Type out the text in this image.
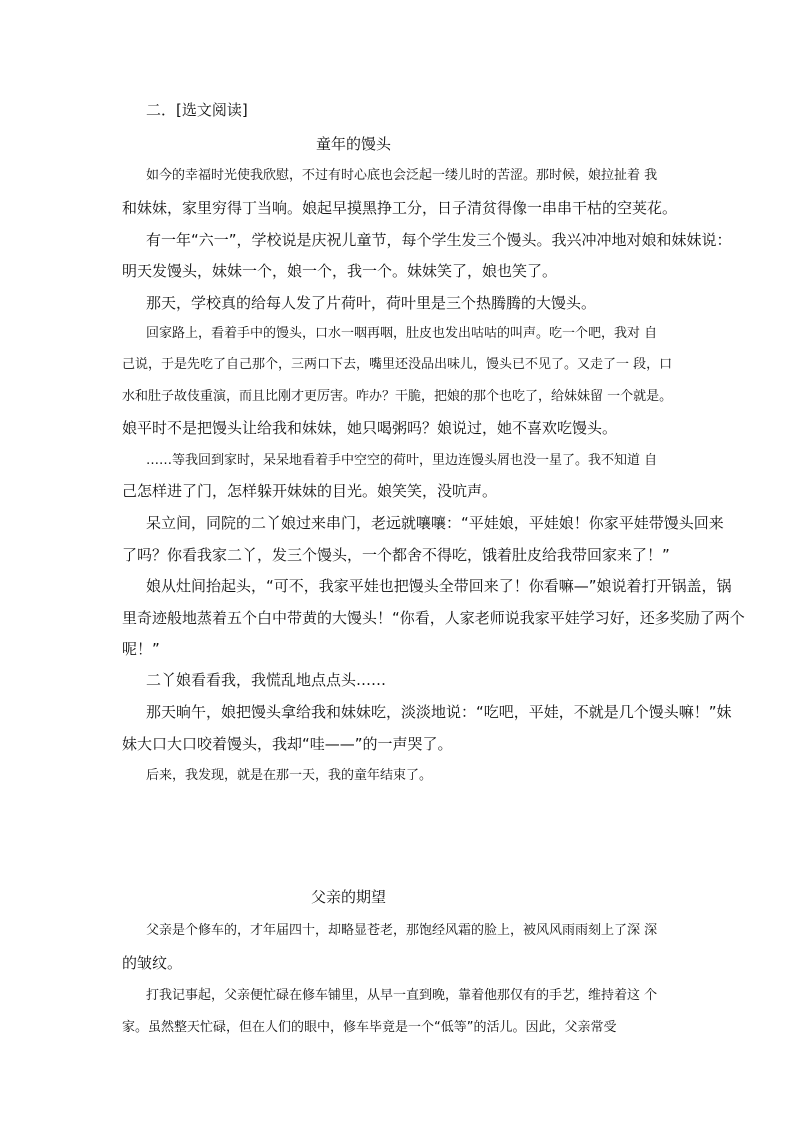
二．[选文阅读]
童年的馒头
如今的幸福时光使我欣慰，不过有时心底也会泛起一缕儿时的苦涩。那时候，娘拉扯着 我
和妹妹，家里穷得丁当响。娘起早摸黑挣工分，日子清贫得像一串串干枯的空荚花。
有一年“六一”，学校说是庆祝儿童节，每个学生发三个馒头。我兴冲冲地对娘和妹妹说：
明天发馒头，妹妹一个，娘一个，我一个。妹妹笑了，娘也笑了。
那天，学校真的给每人发了片荷叶，荷叶里是三个热腾腾的大馒头。
回家路上，看着手中的馒头，口水一咽再咽，肚皮也发出咕咕的叫声。吃一个吧，我对 自
己说，于是先吃了自己那个，三两口下去，嘴里还没品出味儿，馒头已不见了。又走了一 段，口
水和肚子故伎重演，而且比刚才更厉害。咋办？干脆，把娘的那个也吃了，给妹妹留 一个就是。
娘平时不是把馒头让给我和妹妹，她只喝粥吗？娘说过，她不喜欢吃馒头。
……等我回到家时，呆呆地看着手中空空的荷叶，里边连馒头屑也没一星了。我不知道 自
己怎样进了门，怎样躲开妹妹的目光。娘笑笑，没吭声。
呆立间，同院的二丫娘过来串门，老远就嚷嚷：“平娃娘，平娃娘！你家平娃带馒头回来
了吗？你看我家二丫，发三个馒头，一个都舍不得吃，饿着肚皮给我带回家来了！”
娘从灶间抬起头，“可不，我家平娃也把馒头全带回来了！你看嘛—”娘说着打开锅盖，锅
里奇迹般地蒸着五个白中带黄的大馒头！“你看，人家老师说我家平娃学习好，还多奖励了两个
呢！”
二丫娘看看我，我慌乱地点点头……
那天晌午，娘把馒头拿给我和妹妹吃，淡淡地说：“吃吧，平娃，不就是几个馒头嘛！”妹
妹大口大口咬着馒头，我却“哇——”的一声哭了。
后来，我发现，就是在那一天，我的童年结束了。
父亲的期望
父亲是个修车的，才年届四十，却略显苍老，那饱经风霜的脸上，被风风雨雨刻上了深 深
的皱纹。
打我记事起，父亲便忙碌在修车铺里，从早一直到晚，靠着他那仅有的手艺，维持着这 个
家。虽然整天忙碌，但在人们的眼中，修车毕竟是一个“低等”的活儿。因此，父亲常受
